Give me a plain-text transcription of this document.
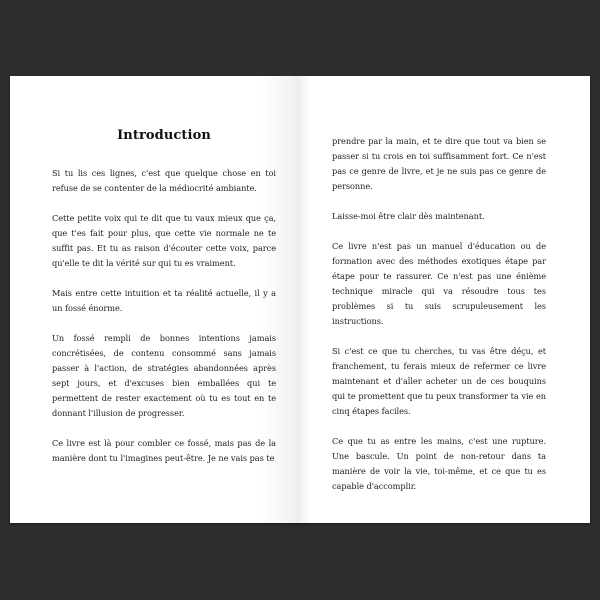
Introduction

Si tu lis ces lignes, c'est que quelque chose en toi refuse de se contenter de la médiocrité ambiante.

Cette petite voix qui te dit que tu vaux mieux que ça, que t'es fait pour plus, que cette vie normale ne te suffit pas. Et tu as raison d'écouter cette voix, parce qu'elle te dit la vérité sur qui tu es vraiment.

Mais entre cette intuition et ta réalité actuelle, il y a un fossé énorme.

Un fossé rempli de bonnes intentions jamais concrétisées, de contenu consommé sans jamais passer à l'action, de stratégies abandonnées après sept jours, et d'excuses bien emballées qui te permettent de rester exactement où tu es tout en te donnant l'illusion de progresser.

Ce livre est là pour combler ce fossé, mais pas de la manière dont tu l'imagines peut-être. Je ne vais pas te

prendre par la main, et te dire que tout va bien se passer si tu crois en toi suffisamment fort. Ce n'est pas ce genre de livre, et je ne suis pas ce genre de personne.

Laisse-moi être clair dès maintenant.

Ce livre n'est pas un manuel d'éducation ou de formation avec des méthodes exotiques étape par étape pour te rassurer. Ce n'est pas une énième technique miracle qui va résoudre tous tes problèmes si tu suis scrupuleusement les instructions.

Si c'est ce que tu cherches, tu vas être déçu, et franchement, tu ferais mieux de refermer ce livre maintenant et d'aller acheter un de ces bouquins qui te promettent que tu peux transformer ta vie en cinq étapes faciles.

Ce que tu as entre les mains, c'est une rupture. Une bascule. Un point de non-retour dans ta manière de voir la vie, toi-même, et ce que tu es capable d'accomplir.
